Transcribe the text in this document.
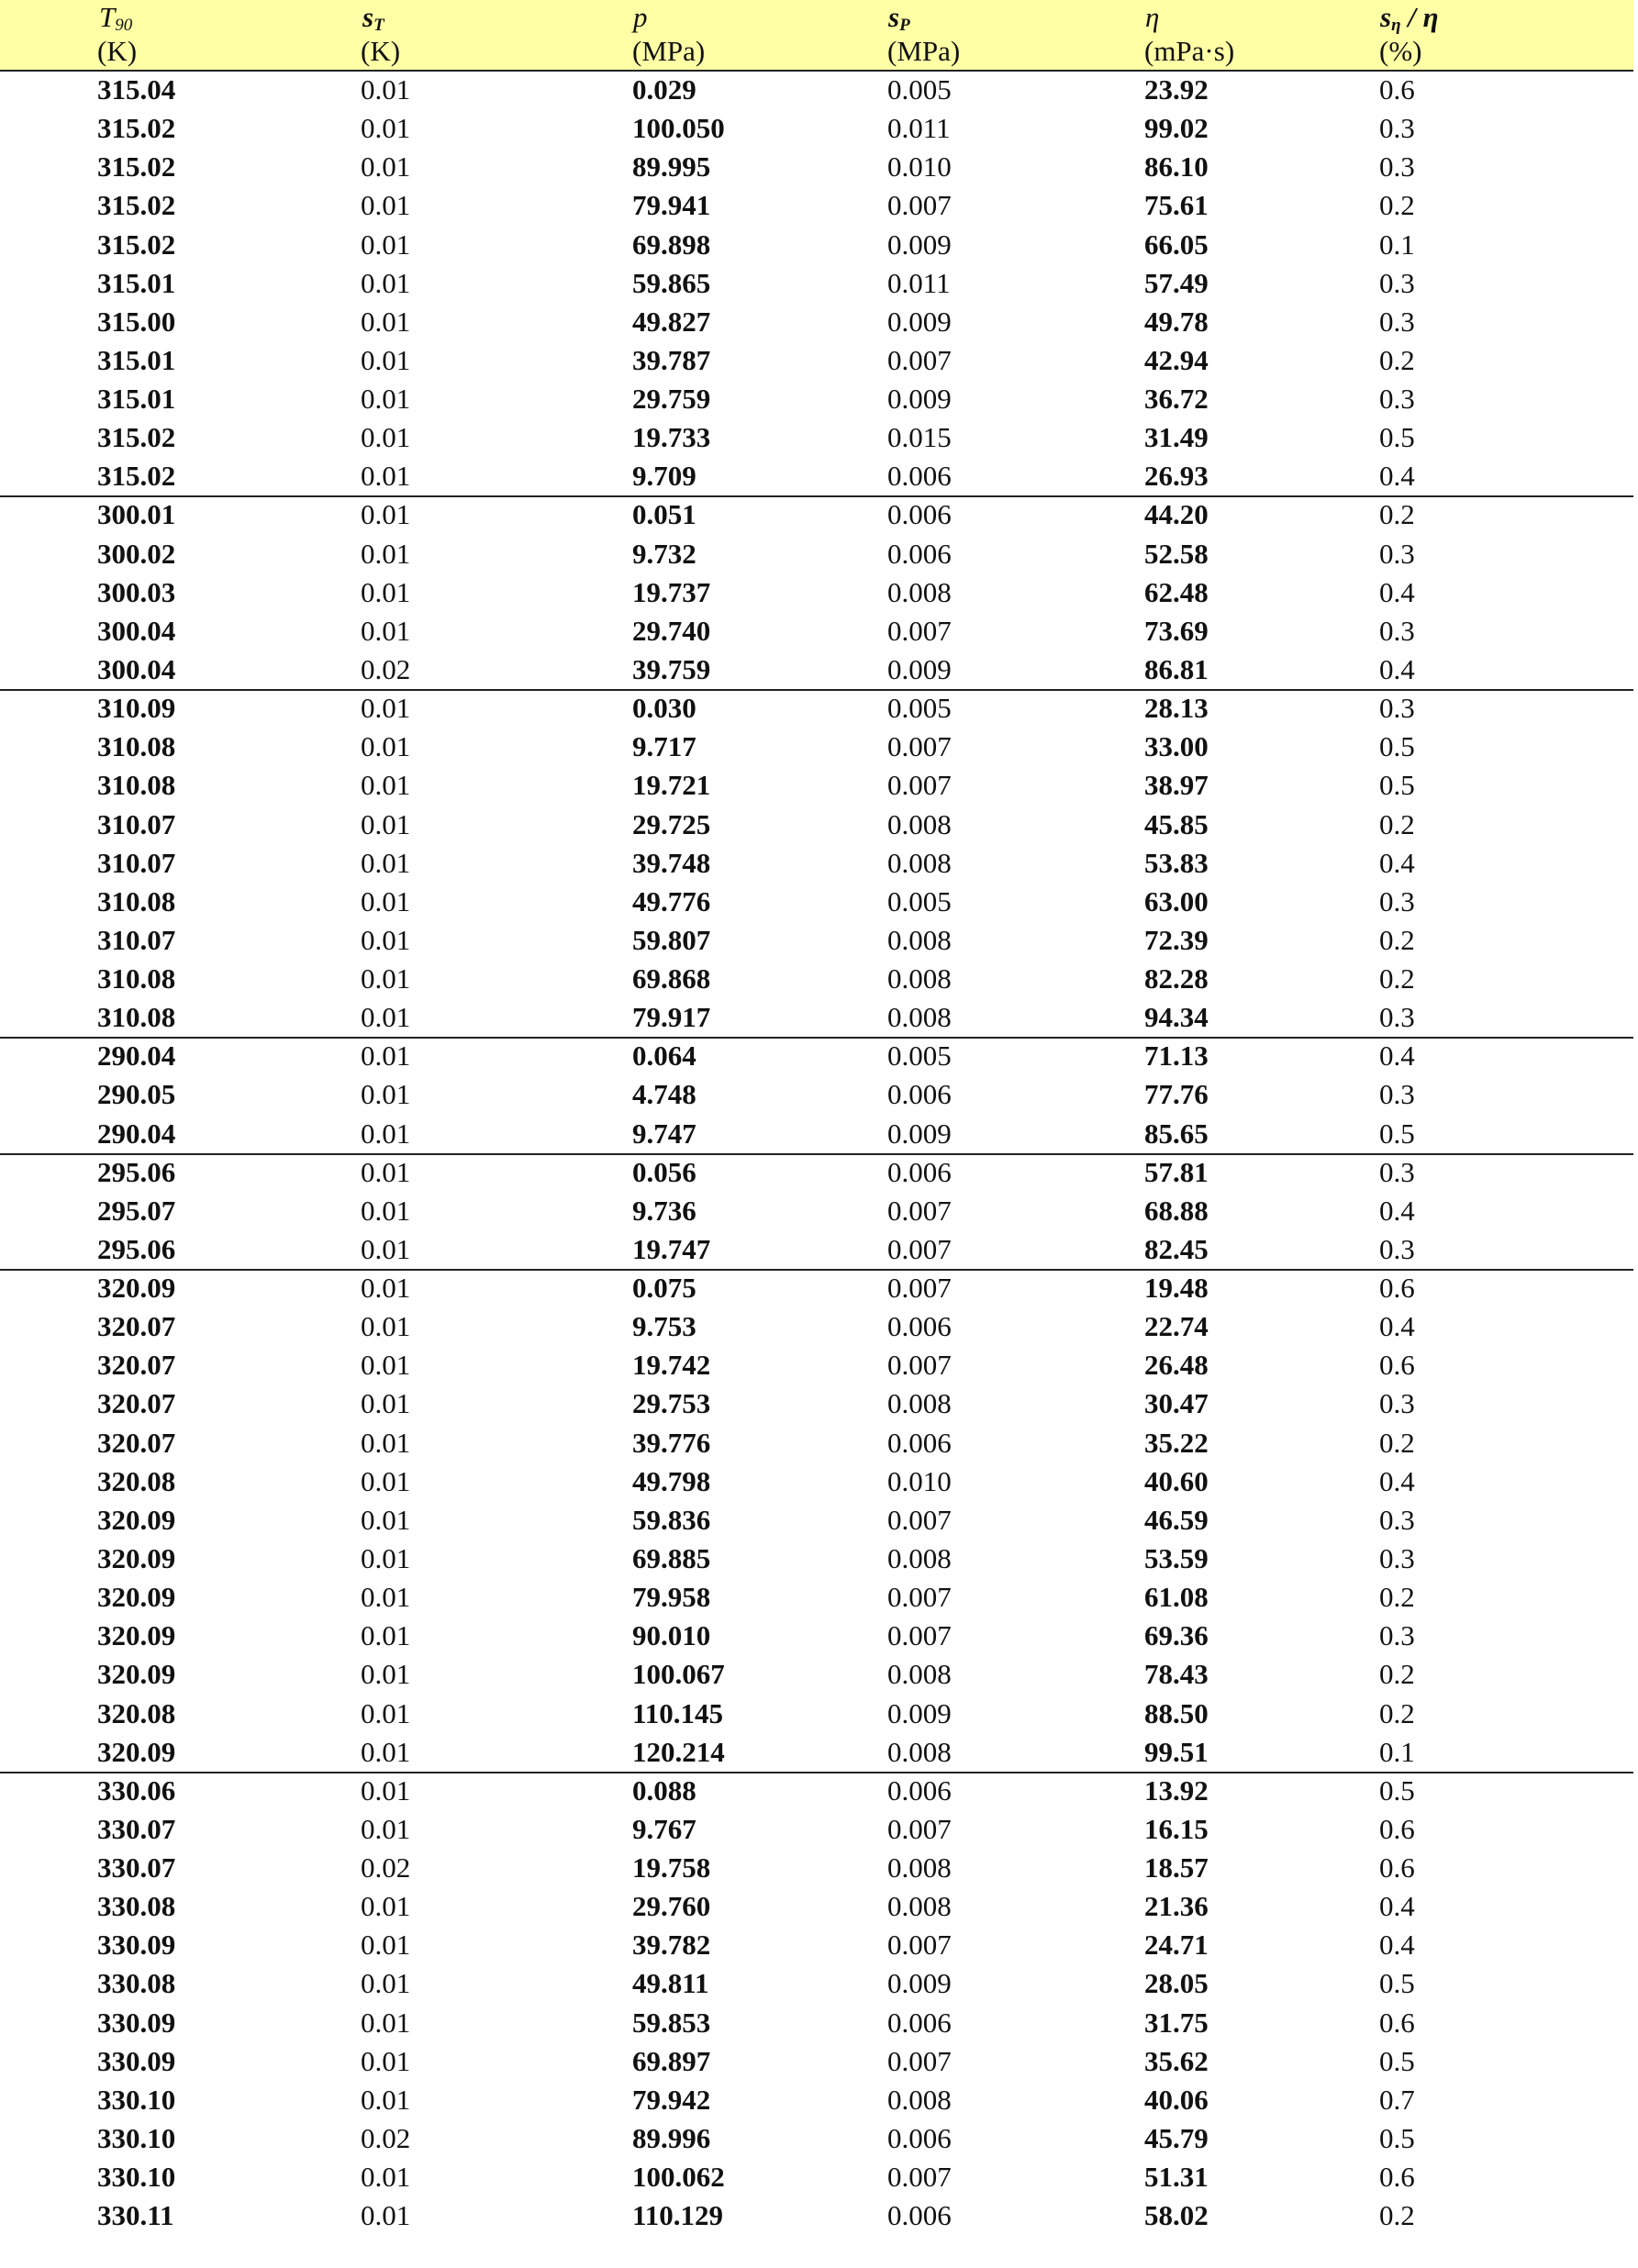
$T_{90}$	$s_T$	p	$s_P$	η	$s_\eta$ / η
(K)	(K)	(MPa)	(MPa)	(mPa·s)	(%)
315.04	0.01	0.029	0.005	23.92	0.6
315.02	0.01	100.050	0.011	99.02	0.3
315.02	0.01	89.995	0.010	86.10	0.3
315.02	0.01	79.941	0.007	75.61	0.2
315.02	0.01	69.898	0.009	66.05	0.1
315.01	0.01	59.865	0.011	57.49	0.3
315.00	0.01	49.827	0.009	49.78	0.3
315.01	0.01	39.787	0.007	42.94	0.2
315.01	0.01	29.759	0.009	36.72	0.3
315.02	0.01	19.733	0.015	31.49	0.5
315.02	0.01	9.709	0.006	26.93	0.4
300.01	0.01	0.051	0.006	44.20	0.2
300.02	0.01	9.732	0.006	52.58	0.3
300.03	0.01	19.737	0.008	62.48	0.4
300.04	0.01	29.740	0.007	73.69	0.3
300.04	0.02	39.759	0.009	86.81	0.4
310.09	0.01	0.030	0.005	28.13	0.3
310.08	0.01	9.717	0.007	33.00	0.5
310.08	0.01	19.721	0.007	38.97	0.5
310.07	0.01	29.725	0.008	45.85	0.2
310.07	0.01	39.748	0.008	53.83	0.4
310.08	0.01	49.776	0.005	63.00	0.3
310.07	0.01	59.807	0.008	72.39	0.2
310.08	0.01	69.868	0.008	82.28	0.2
310.08	0.01	79.917	0.008	94.34	0.3
290.04	0.01	0.064	0.005	71.13	0.4
290.05	0.01	4.748	0.006	77.76	0.3
290.04	0.01	9.747	0.009	85.65	0.5
295.06	0.01	0.056	0.006	57.81	0.3
295.07	0.01	9.736	0.007	68.88	0.4
295.06	0.01	19.747	0.007	82.45	0.3
320.09	0.01	0.075	0.007	19.48	0.6
320.07	0.01	9.753	0.006	22.74	0.4
320.07	0.01	19.742	0.007	26.48	0.6
320.07	0.01	29.753	0.008	30.47	0.3
320.07	0.01	39.776	0.006	35.22	0.2
320.08	0.01	49.798	0.010	40.60	0.4
320.09	0.01	59.836	0.007	46.59	0.3
320.09	0.01	69.885	0.008	53.59	0.3
320.09	0.01	79.958	0.007	61.08	0.2
320.09	0.01	90.010	0.007	69.36	0.3
320.09	0.01	100.067	0.008	78.43	0.2
320.08	0.01	110.145	0.009	88.50	0.2
320.09	0.01	120.214	0.008	99.51	0.1
330.06	0.01	0.088	0.006	13.92	0.5
330.07	0.01	9.767	0.007	16.15	0.6
330.07	0.02	19.758	0.008	18.57	0.6
330.08	0.01	29.760	0.008	21.36	0.4
330.09	0.01	39.782	0.007	24.71	0.4
330.08	0.01	49.811	0.009	28.05	0.5
330.09	0.01	59.853	0.006	31.75	0.6
330.09	0.01	69.897	0.007	35.62	0.5
330.10	0.01	79.942	0.008	40.06	0.7
330.10	0.02	89.996	0.006	45.79	0.5
330.10	0.01	100.062	0.007	51.31	0.6
330.11	0.01	110.129	0.006	58.02	0.2
